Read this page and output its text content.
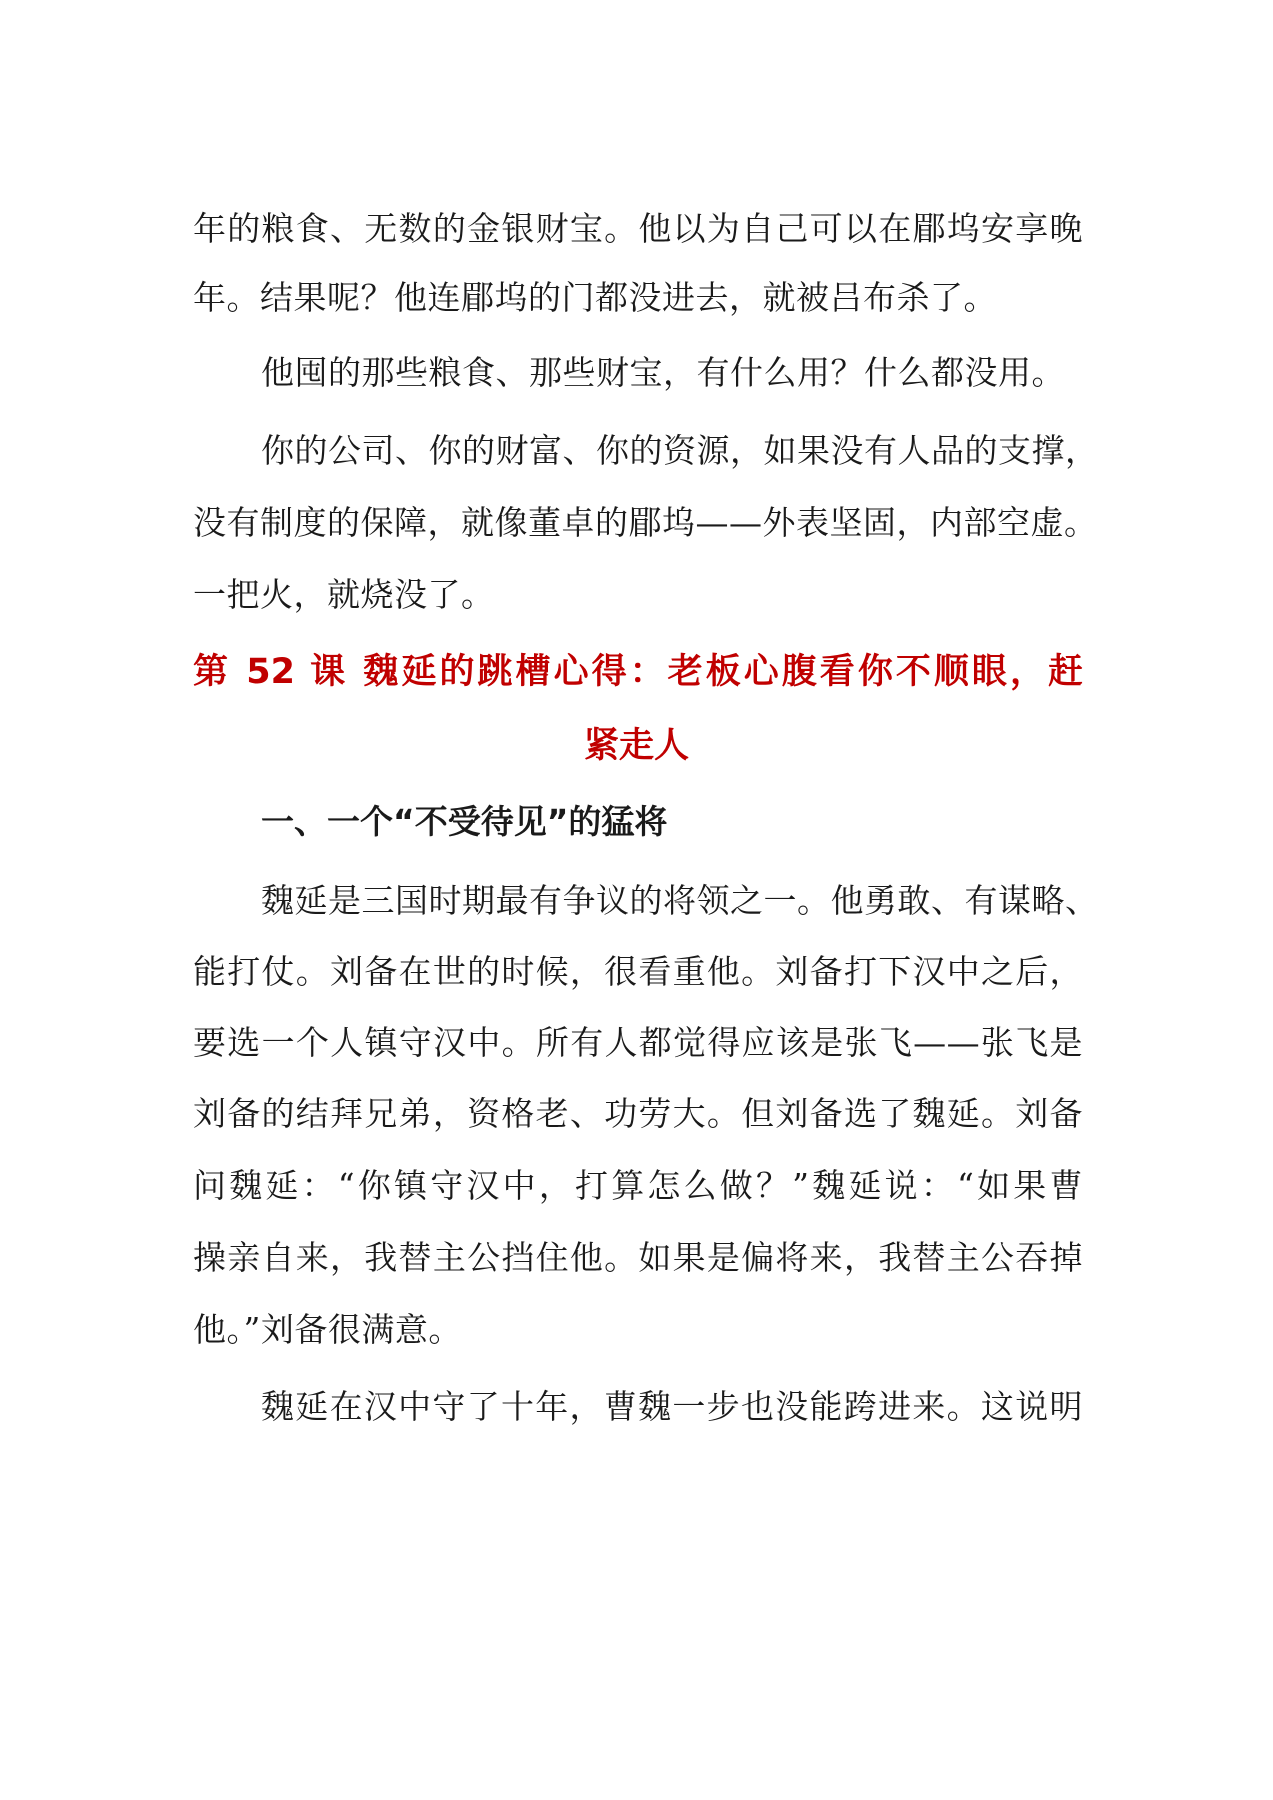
年的粮食、无数的金银财宝。他以为自己可以在郿坞安享晚
年。结果呢？他连郿坞的门都没进去，就被吕布杀了。
他囤的那些粮食、那些财宝，有什么用？什么都没用。
你的公司、你的财富、你的资源，如果没有人品的支撑，
没有制度的保障，就像董卓的郿坞——外表坚固，内部空虚。
一把火，就烧没了。
第 52 课 魏延的跳槽心得：老板心腹看你不顺眼，赶
紧走人
一、一个“不受待见”的猛将
魏延是三国时期最有争议的将领之一。他勇敢、有谋略、
能打仗。刘备在世的时候，很看重他。刘备打下汉中之后，
要选一个人镇守汉中。所有人都觉得应该是张飞——张飞是
刘备的结拜兄弟，资格老、功劳大。但刘备选了魏延。刘备
问魏延：“你镇守汉中，打算怎么做？”魏延说：“如果曹
操亲自来，我替主公挡住他。如果是偏将来，我替主公吞掉
他。”刘备很满意。
魏延在汉中守了十年，曹魏一步也没能跨进来。这说明
